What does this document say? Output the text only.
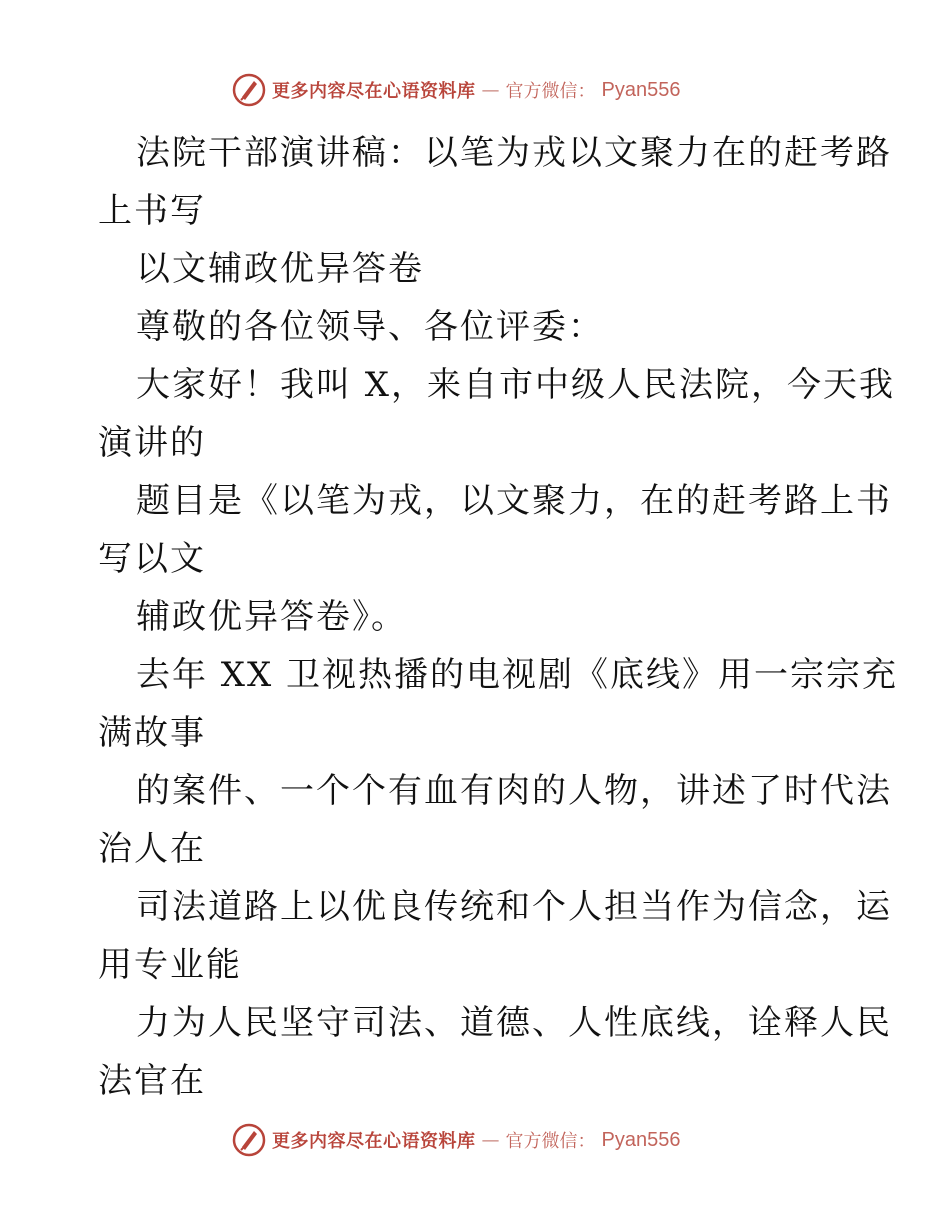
更多内容尽在心语资料库 — 官方微信： Pyan556
法院干部演讲稿：以笔为戎以文聚力在的赶考路
上书写
以文辅政优异答卷
尊敬的各位领导、各位评委：
大家好！我叫 X，来自市中级人民法院，今天我
演讲的
题目是《以笔为戎，以文聚力，在的赶考路上书
写以文
辅政优异答卷》。
去年 XX 卫视热播的电视剧《底线》用一宗宗充
满故事
的案件、一个个有血有肉的人物，讲述了时代法
治人在
司法道路上以优良传统和个人担当作为信念，运
用专业能
力为人民坚守司法、道德、人性底线，诠释人民
法官在
更多内容尽在心语资料库 — 官方微信： Pyan556
